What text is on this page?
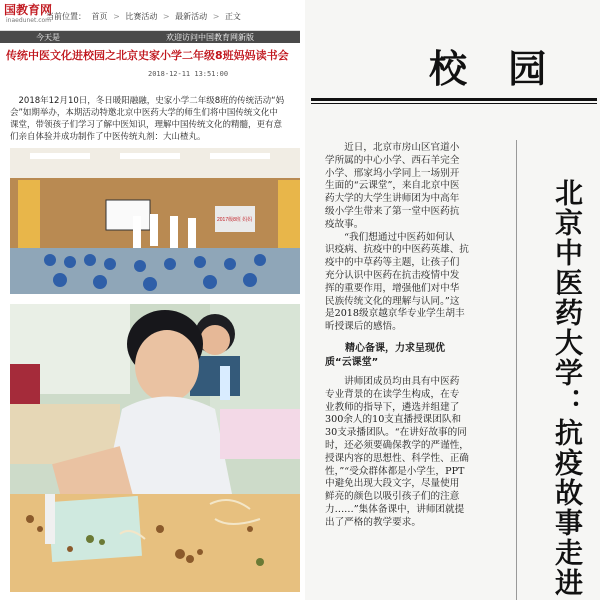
国教育网
inaedunet.com
当前位置： 首页 > 比赛活动 > 最新活动 > 正文
今天是	欢迎访问中国教育网新版
传统中医文化进校园之北京史家小学二年级8班妈妈读书会
2018-12-11 13:51:00

　2018年12月10日，冬日暖阳融融，史家小学二年级8班的传统活动“妈

会”如期举办，本期活动特邀北京中医药大学的师生们将中国传统文化中

课堂，带领孩子们学习了解中医知识，理解中国传统文化的精髓，更有意

们亲自体验并成功制作了中医传统丸剂：大山楂丸。

2017级8班 妈妈
校 园

　　近日，北京市房山区官道小

学所属的中心小学、西石羊完全

小学、邢家坞小学同上一场别开

生面的“云课堂”，来自北京中医

药大学的大学生讲师团为中高年

级小学生带来了第一堂中医药抗

疫故事。

　　“我们想通过中医药如何认

识疫病、抗疫中的中医药英雄、抗

疫中的中草药等主题，让孩子们

充分认识中医药在抗击疫情中发

挥的重要作用，增强他们对中华

民族传统文化的理解与认同。”这

是2018级京越京华专业学生胡丰

昕授课后的感悟。

　　精心备课，力求呈现优

质“云课堂”

　　讲师团成员均由具有中医药

专业背景的在读学生构成，在专

业教师的指导下，遴选并组建了

300余人的10支直播授课团队和

30支录播团队。“在讲好故事的同

时，还必须要确保教学的严谨性，

授课内容的思想性、科学性、正确

性，”“受众群体都是小学生，PPT

中避免出现大段文字，尽量使用

鲜亮的颜色以吸引孩子们的注意

力……”集体备课中，讲师团就提

出了严格的教学要求。	北京中医药大学：抗疫故事走进
